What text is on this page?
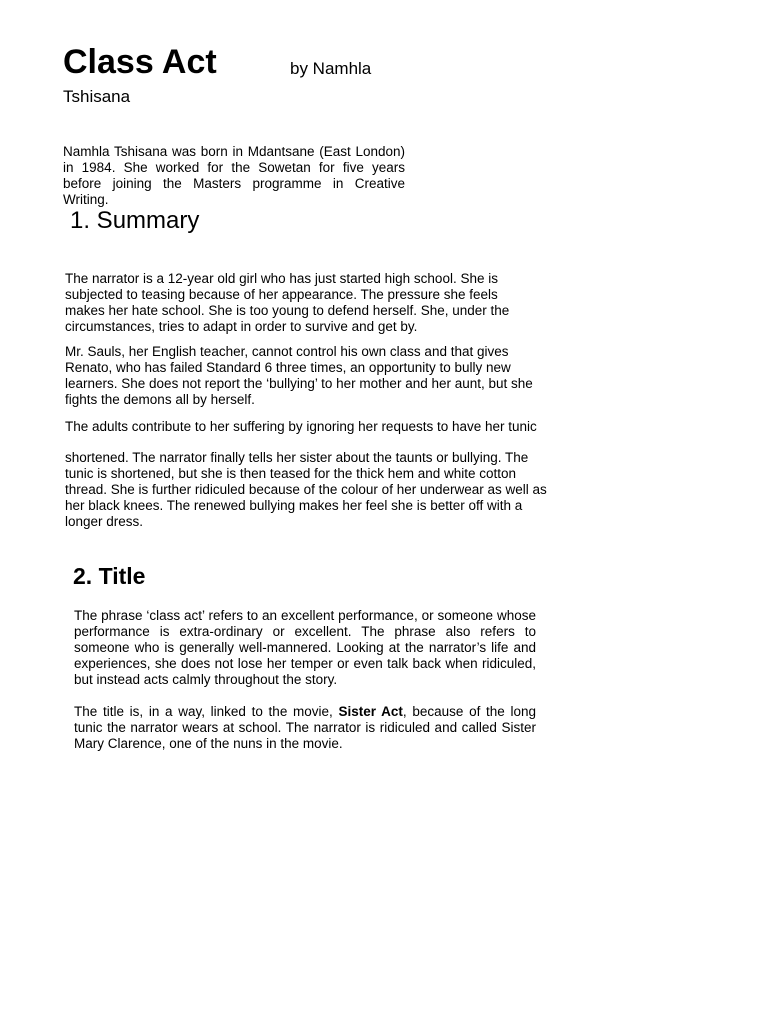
Class Act	by Namhla
Tshisana

Namhla Tshisana was born in Mdantsane (East London) in 1984. She worked for the Sowetan for five years before joining the Masters programme in Creative Writing.

1. Summary

The narrator is a 12-year old girl who has just started high school. She is subjected to teasing because of her appearance. The pressure she feels makes her hate school. She is too young to defend herself. She, under the circumstances, tries to adapt in order to survive and get by.

Mr. Sauls, her English teacher, cannot control his own class and that gives Renato, who has failed Standard 6 three times, an opportunity to bully new learners. She does not report the ‘bullying’ to her mother and her aunt, but she fights the demons all by herself.

The adults contribute to her suffering by ignoring her requests to have her tunic

shortened. The narrator finally tells her sister about the taunts or bullying. The tunic is shortened, but she is then teased for the thick hem and white cotton thread. She is further ridiculed because of the colour of her underwear as well as her black knees. The renewed bullying makes her feel she is better off with a longer dress.

2. Title

The phrase ‘class act’ refers to an excellent performance, or someone whose performance is extra-ordinary or excellent. The phrase also refers to someone who is generally well-mannered. Looking at the narrator’s life and experiences, she does not lose her temper or even talk back when ridiculed, but instead acts calmly throughout the story.

The title is, in a way, linked to the movie, Sister Act, because of the long tunic the narrator wears at school. The narrator is ridiculed and called Sister Mary Clarence, one of the nuns in the movie.
